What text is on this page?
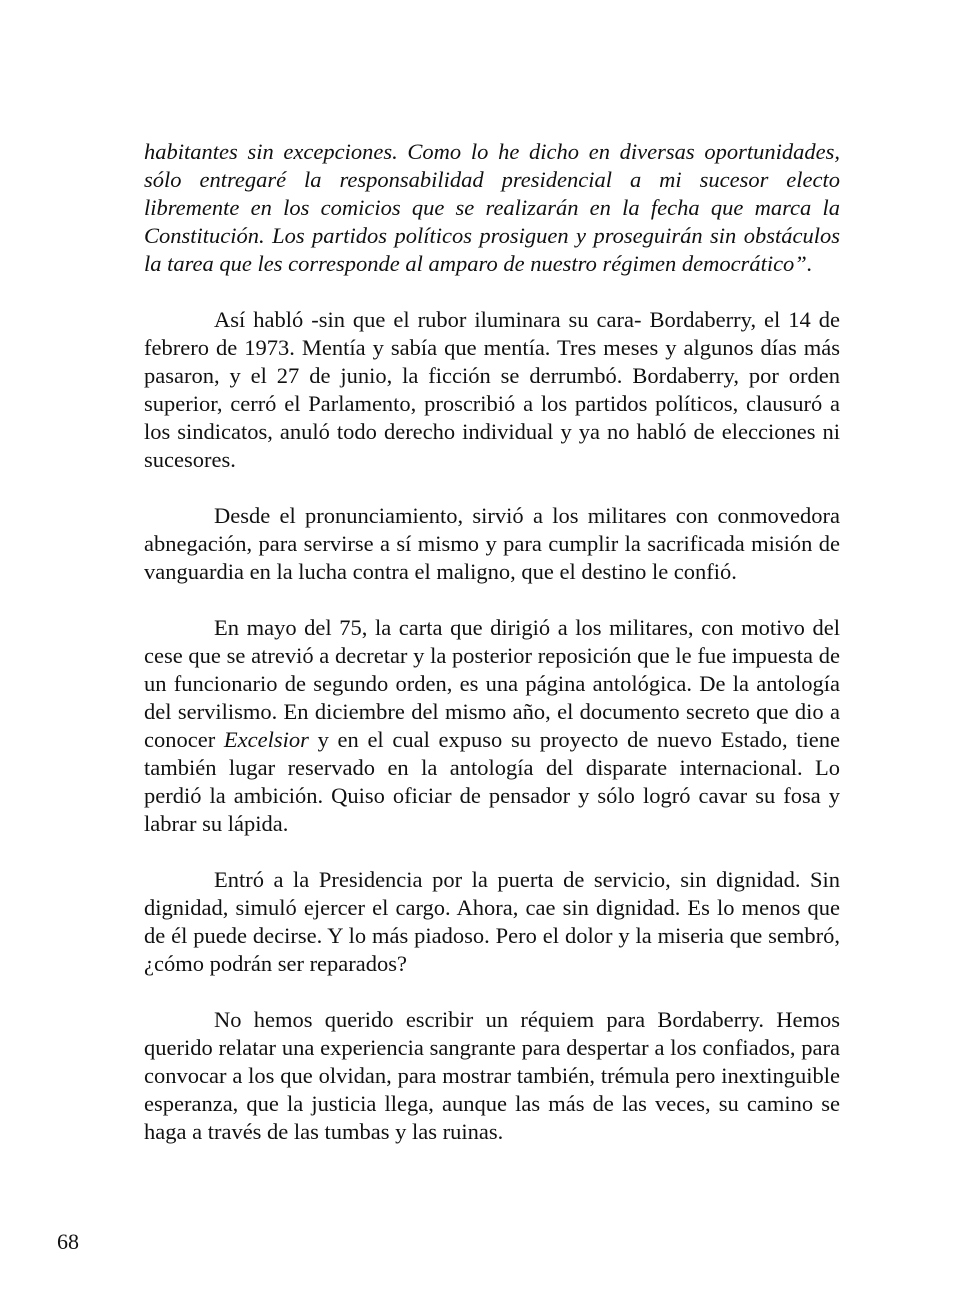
habitantes sin excepciones. Como lo he dicho en diversas oportunidades, sólo entregaré la responsabilidad presidencial a mi sucesor electo libremente en los comicios que se realizarán en la fecha que marca la Constitución. Los partidos políticos prosiguen y proseguirán sin obstáculos la tarea que les corresponde al amparo de nuestro régimen democrático”.

Así habló -sin que el rubor iluminara su cara- Bordaberry, el 14 de febrero de 1973. Mentía y sabía que mentía. Tres meses y algunos días más pasaron, y el 27 de junio, la ficción se derrumbó. Bordaberry, por orden superior, cerró el Parlamento, proscribió a los partidos políticos, clausuró a los sindicatos, anuló todo derecho individual y ya no habló de elecciones ni sucesores.

Desde el pronunciamiento, sirvió a los militares con conmovedora abnegación, para servirse a sí mismo y para cumplir la sacrificada misión de vanguardia en la lucha contra el maligno, que el destino le confió.

En mayo del 75, la carta que dirigió a los militares, con motivo del cese que se atrevió a decretar y la posterior reposición que le fue impuesta de un funcionario de segundo orden, es una página antológica. De la antología del servilismo. En diciembre del mismo año, el documento secreto que dio a conocer Excelsior y en el cual expuso su proyecto de nuevo Estado, tiene también lugar reservado en la antología del disparate internacional. Lo perdió la ambición. Quiso oficiar de pensador y sólo logró cavar su fosa y labrar su lápida.

Entró a la Presidencia por la puerta de servicio, sin dignidad. Sin dignidad, simuló ejercer el cargo. Ahora, cae sin dignidad. Es lo menos que de él puede decirse. Y lo más piadoso. Pero el dolor y la miseria que sembró, ¿cómo podrán ser reparados?

No hemos querido escribir un réquiem para Bordaberry. Hemos querido relatar una experiencia sangrante para despertar a los confiados, para convocar a los que olvidan, para mostrar también, trémula pero inextinguible esperanza, que la justicia llega, aunque las más de las veces, su camino se haga a través de las tumbas y las ruinas.

68
